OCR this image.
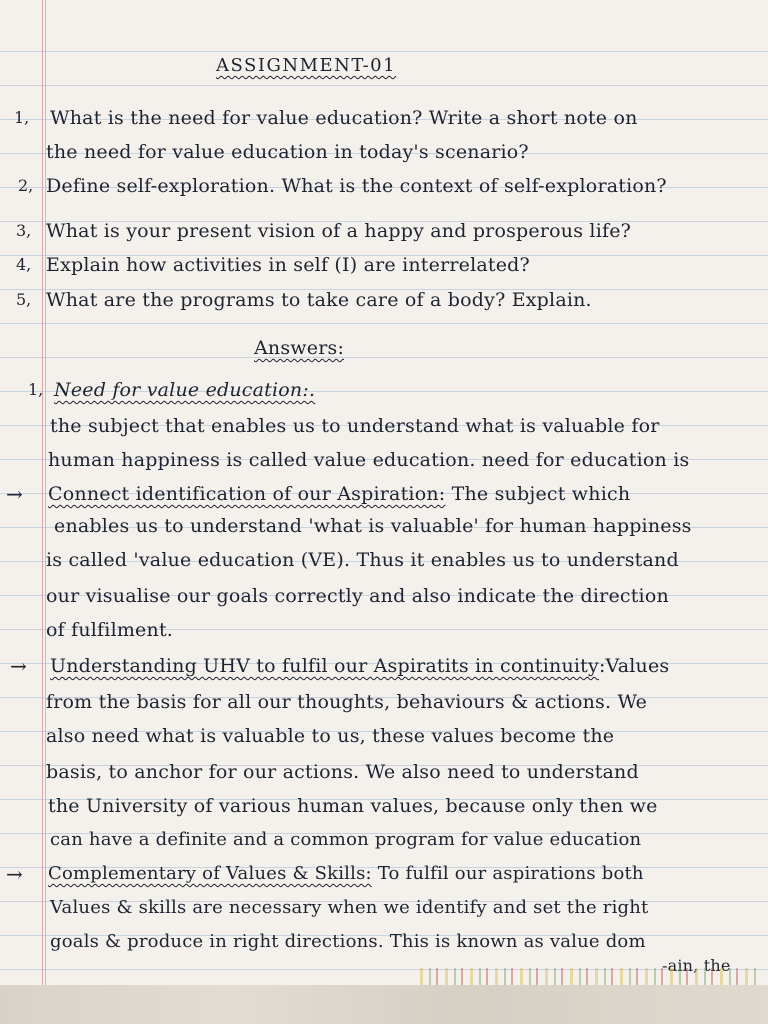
ASSIGNMENT-01
1, What is the need for value education? Write a short note on
the need for value education in today's scenario?
2, Define self-exploration. What is the context of self-exploration?
3, What is your present vision of a happy and prosperous life?
4, Explain how activities in self (I) are interrelated?
5, What are the programs to take care of a body? Explain.
Answers:
1, Need for value education:.
the subject that enables us to understand what is valuable for
human happiness is called value education. need for education is
→ Connect identification of our Aspiration: The subject which
enables us to understand 'what is valuable' for human happiness
is called 'value education (VE). Thus it enables us to understand
our visualise our goals correctly and also indicate the direction
of fulfilment.
→ Understanding UHV to fulfil our Aspiratits in continuity:Values
from the basis for all our thoughts, behaviours & actions. We
also need what is valuable to us, these values become the
basis, to anchor for our actions. We also need to understand
the University of various human values, because only then we
can have a definite and a common program for value education
→ Complementary of Values & Skills: To fulfil our aspirations both
Values & skills are necessary when we identify and set the right
goals & produce in right directions. This is known as value dom
-ain, the
